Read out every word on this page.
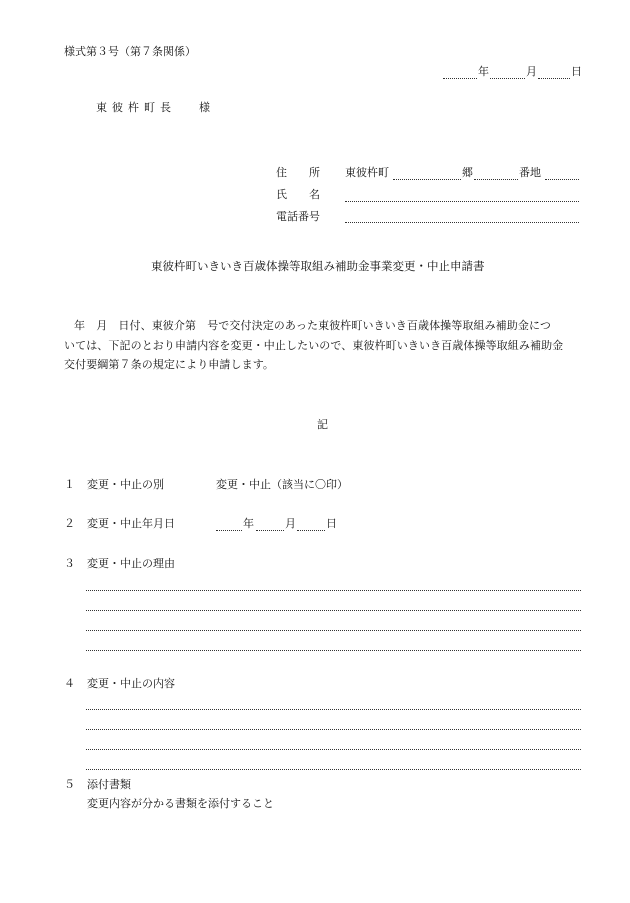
様式第３号（第７条関係）
年	月	日
東彼杵町長 様
住　　所 東彼杵町	郷	番地
氏　　名
電話番号
東彼杵町いきいき百歳体操等取組み補助金事業変更・中止申請書
年　月　日付、東彼介第　号で交付決定のあった東彼杵町いきいき百歳体操等取組み補助金につ
いては、下記のとおり申請内容を変更・中止したいので、東彼杵町いきいき百歳体操等取組み補助金
交付要綱第７条の規定により申請します。
記
１ 変更・中止の別	変更・中止（該当に〇印）
２ 変更・中止年月日	年	月	日
３ 変更・中止の理由
４ 変更・中止の内容
５ 添付書類
変更内容が分かる書類を添付すること
